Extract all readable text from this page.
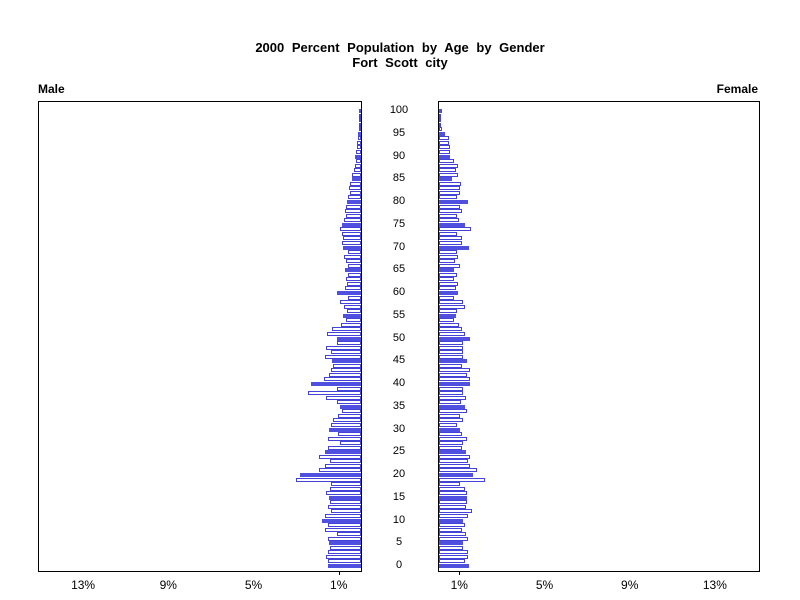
2000 Percent Population by Age by Gender
Fort Scott city
Male	Female
0
5
10
15
20
25
30
35
40
45
50
55
60
65
70
75
80
85
90
95
100
1%	1%
5%	5%
9%	9%
13%	13%
